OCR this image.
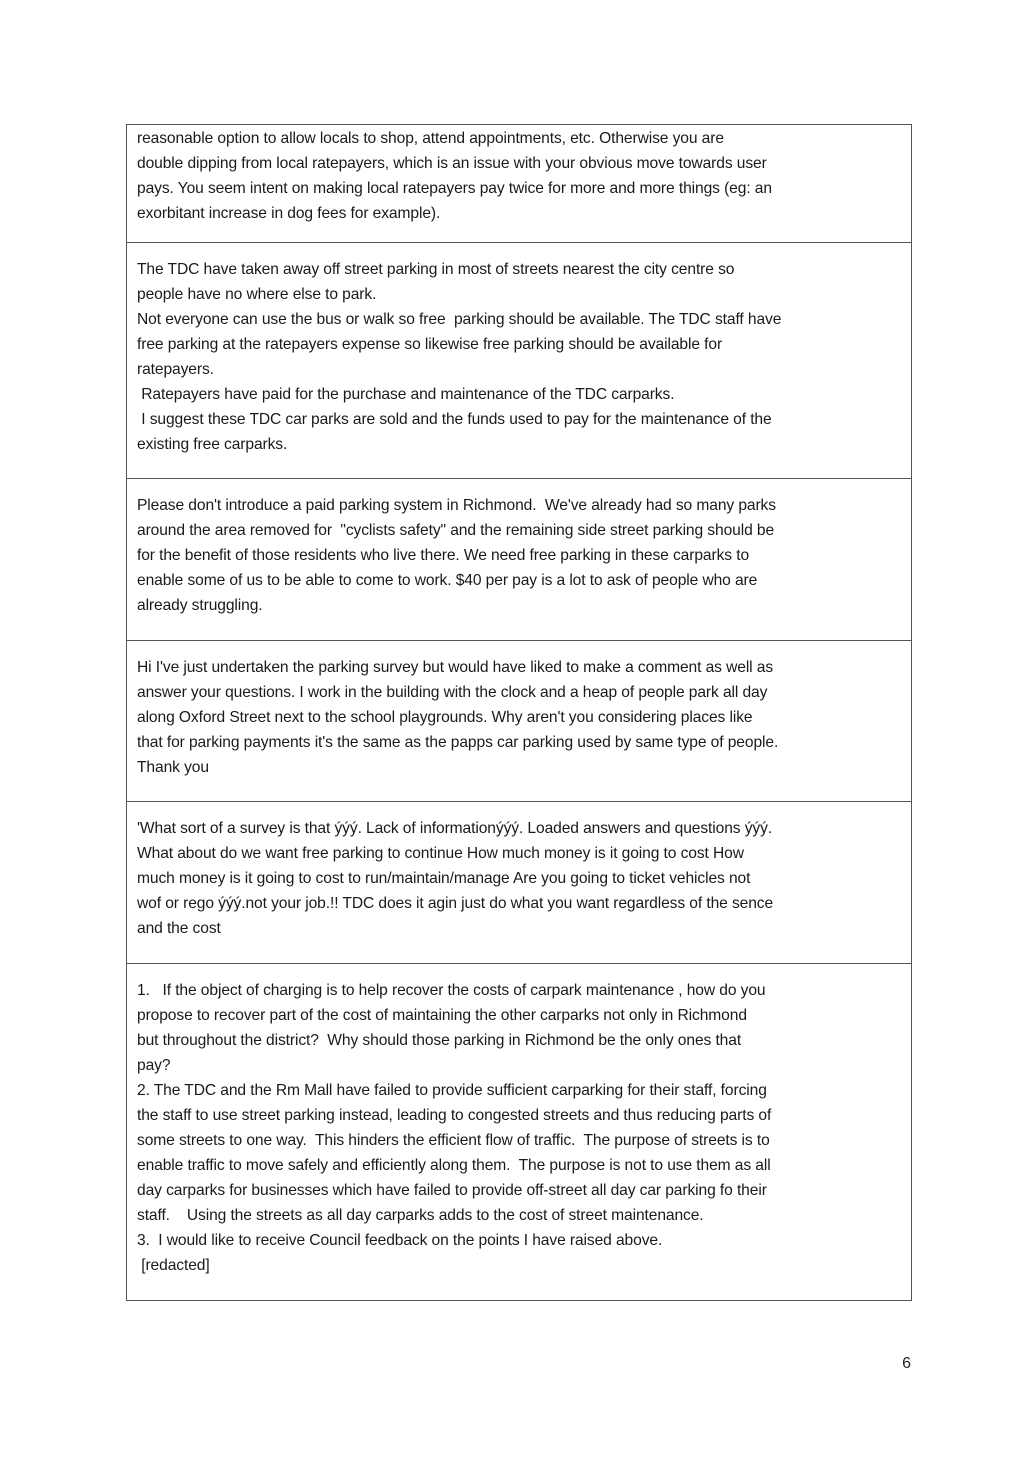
reasonable option to allow locals to shop, attend appointments, etc. Otherwise you are
double dipping from local ratepayers, which is an issue with your obvious move towards user
pays. You seem intent on making local ratepayers pay twice for more and more things (eg: an
exorbitant increase in dog fees for example).
The TDC have taken away off street parking in most of streets nearest the city centre so
people have no where else to park.
Not everyone can use the bus or walk so free  parking should be available. The TDC staff have
free parking at the ratepayers expense so likewise free parking should be available for
ratepayers.
Ratepayers have paid for the purchase and maintenance of the TDC carparks.
I suggest these TDC car parks are sold and the funds used to pay for the maintenance of the
existing free carparks.
Please don't introduce a paid parking system in Richmond.  We've already had so many parks
around the area removed for  "cyclists safety" and the remaining side street parking should be
for the benefit of those residents who live there. We need free parking in these carparks to
enable some of us to be able to come to work. $40 per pay is a lot to ask of people who are
already struggling.
Hi I've just undertaken the parking survey but would have liked to make a comment as well as
answer your questions. I work in the building with the clock and a heap of people park all day
along Oxford Street next to the school playgrounds. Why aren't you considering places like
that for parking payments it's the same as the papps car parking used by same type of people.
Thank you
'What sort of a survey is that ýýý. Lack of informationýýý. Loaded answers and questions ýýý.
What about do we want free parking to continue How much money is it going to cost How
much money is it going to cost to run/maintain/manage Are you going to ticket vehicles not
wof or rego ýýý.not your job.!! TDC does it agin just do what you want regardless of the sence
and the cost
1.   If the object of charging is to help recover the costs of carpark maintenance , how do you
propose to recover part of the cost of maintaining the other carparks not only in Richmond
but throughout the district?  Why should those parking in Richmond be the only ones that
pay?
2. The TDC and the Rm Mall have failed to provide sufficient carparking for their staff, forcing
the staff to use street parking instead, leading to congested streets and thus reducing parts of
some streets to one way.  This hinders the efficient flow of traffic.  The purpose of streets is to
enable traffic to move safely and efficiently along them.  The purpose is not to use them as all
day carparks for businesses which have failed to provide off-street all day car parking fo their
staff.    Using the streets as all day carparks adds to the cost of street maintenance.
3.  I would like to receive Council feedback on the points I have raised above.
[redacted]
6
